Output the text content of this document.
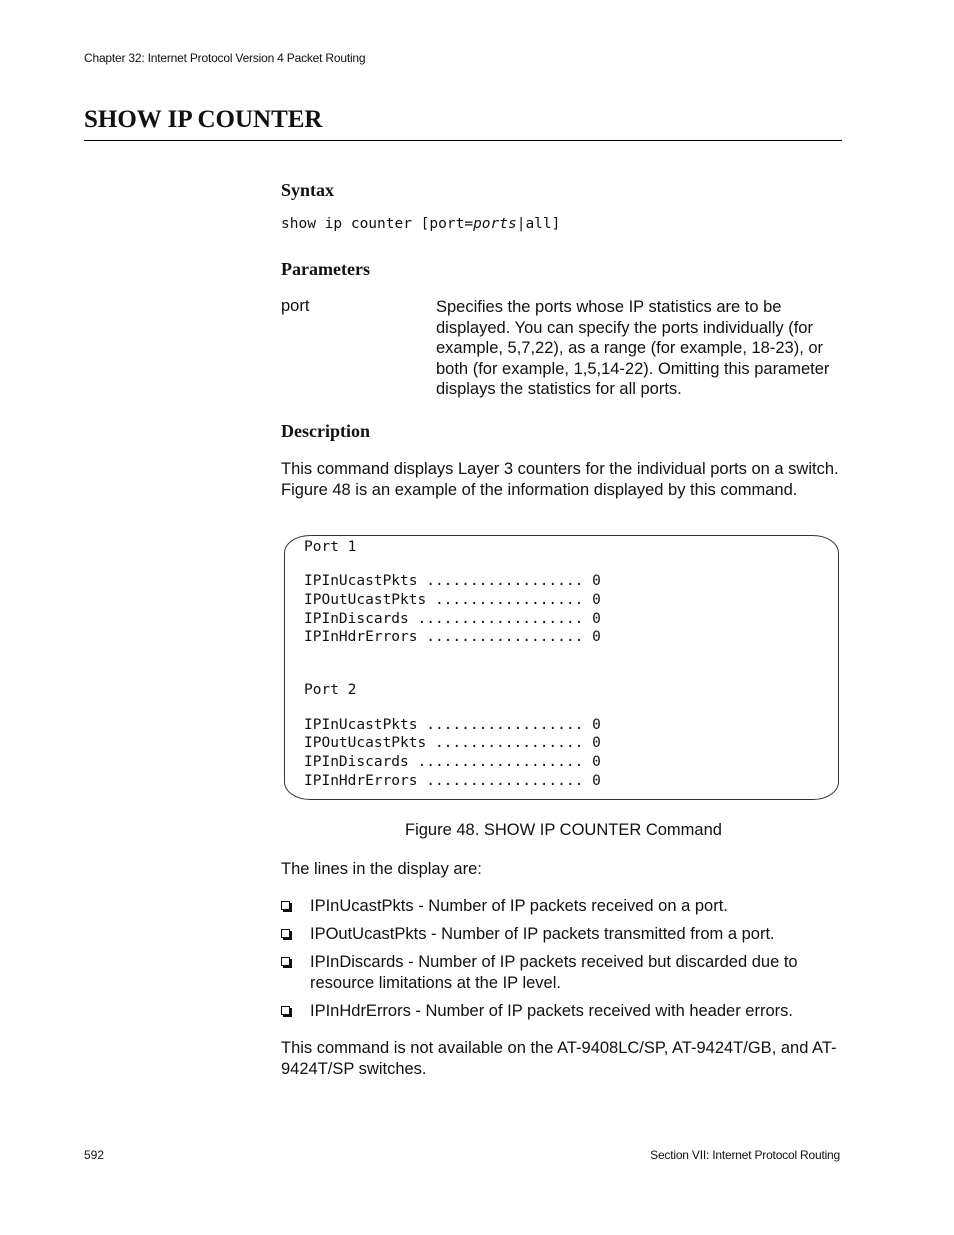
Chapter 32: Internet Protocol Version 4 Packet Routing
SHOW IP COUNTER
Syntax
show ip counter [port=ports|all]
Parameters
port	Specifies the ports whose IP statistics are to be displayed. You can specify the ports individually (for example, 5,7,22), as a range (for example, 18-23), or both (for example, 1,5,14-22). Omitting this parameter displays the statistics for all ports.
Description
This command displays Layer 3 counters for the individual ports on a switch. Figure 48 is an example of the information displayed by this command.
Port 1
IPInUcastPkts .................. 0
IPOutUcastPkts ................. 0
IPInDiscards ................... 0
IPInHdrErrors .................. 0
Port 2
IPInUcastPkts .................. 0
IPOutUcastPkts ................. 0
IPInDiscards ................... 0
IPInHdrErrors .................. 0
Figure 48. SHOW IP COUNTER Command
The lines in the display are:
IPInUcastPkts - Number of IP packets received on a port.
IPOutUcastPkts - Number of IP packets transmitted from a port.
IPInDiscards - Number of IP packets received but discarded due to resource limitations at the IP level.
IPInHdrErrors - Number of IP packets received with header errors.
This command is not available on the AT-9408LC/SP, AT-9424T/GB, and AT-9424T/SP switches.
592	Section VII: Internet Protocol Routing
